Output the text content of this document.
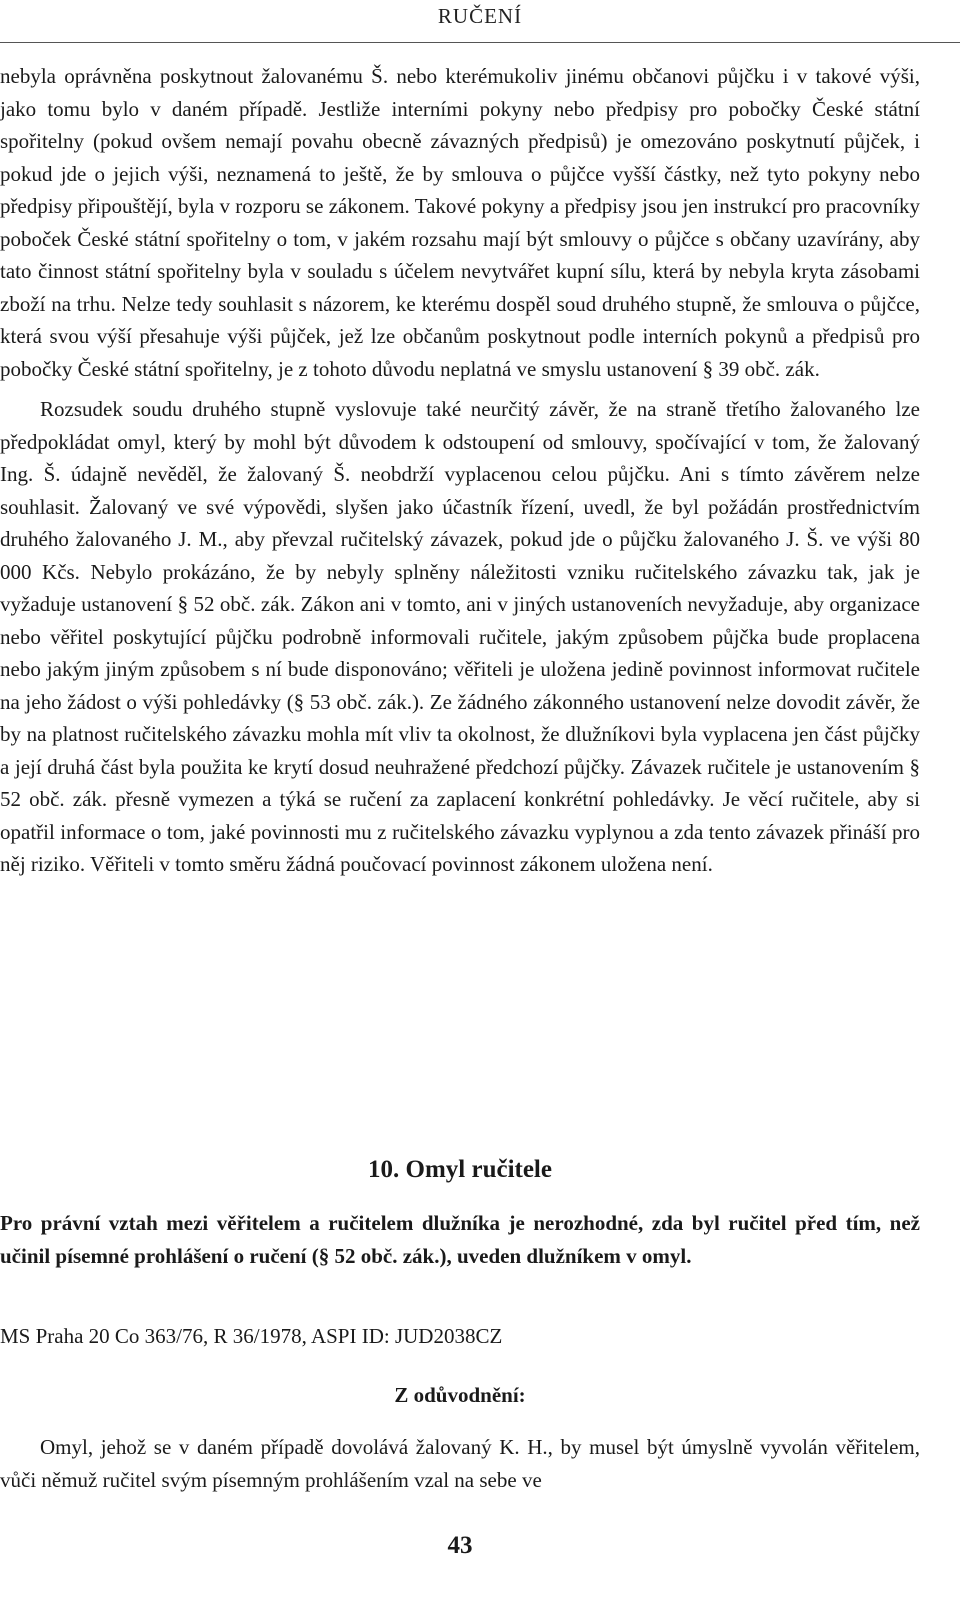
RUČENÍ

nebyla oprávněna poskytnout žalovanému Š. nebo kterémukoliv jinému občanovi půjčku i v takové výši, jako tomu bylo v daném případě. Jestliže interními pokyny nebo předpisy pro pobočky České státní spořitelny (pokud ovšem nemají povahu obecně závazných předpisů) je omezováno poskytnutí půjček, i pokud jde o jejich výši, neznamená to ještě, že by smlouva o půjčce vyšší částky, než tyto pokyny nebo předpisy připouštějí, byla v rozporu se zákonem. Takové pokyny a předpisy jsou jen instrukcí pro pracovníky poboček České státní spořitelny o tom, v jakém rozsahu mají být smlouvy o půjčce s občany uzavírány, aby tato činnost státní spořitelny byla v souladu s účelem nevytvářet kupní sílu, která by nebyla kryta zásobami zboží na trhu. Nelze tedy souhlasit s názorem, ke kterému dospěl soud druhého stupně, že smlouva o půjčce, která svou výší přesahuje výši půjček, jež lze občanům poskytnout podle interních pokynů a předpisů pro pobočky České státní spořitelny, je z tohoto důvodu neplatná ve smyslu ustanovení § 39 obč. zák.

Rozsudek soudu druhého stupně vyslovuje také neurčitý závěr, že na straně třetího žalovaného lze předpokládat omyl, který by mohl být důvodem k odstoupení od smlouvy, spočívající v tom, že žalovaný Ing. Š. údajně nevěděl, že žalovaný Š. neobdrží vyplacenou celou půjčku. Ani s tímto závěrem nelze souhlasit. Žalovaný ve své výpovědi, slyšen jako účastník řízení, uvedl, že byl požádán prostřednictvím druhého žalovaného J. M., aby převzal ručitelský závazek, pokud jde o půjčku žalovaného J. Š. ve výši 80 000 Kčs. Nebylo prokázáno, že by nebyly splněny náležitosti vzniku ručitelského závazku tak, jak je vyžaduje ustanovení § 52 obč. zák. Zákon ani v tomto, ani v jiných ustanoveních nevyžaduje, aby organizace nebo věřitel poskytující půjčku podrobně informovali ručitele, jakým způsobem půjčka bude proplacena nebo jakým jiným způsobem s ní bude disponováno; věřiteli je uložena jedině povinnost informovat ručitele na jeho žádost o výši pohledávky (§ 53 obč. zák.). Ze žádného zákonného ustanovení nelze dovodit závěr, že by na platnost ručitelského závazku mohla mít vliv ta okolnost, že dlužníkovi byla vyplacena jen část půjčky a její druhá část byla použita ke krytí dosud neuhražené předchozí půjčky. Závazek ručitele je ustanovením § 52 obč. zák. přesně vymezen a týká se ručení za zaplacení konkrétní pohledávky. Je věcí ručitele, aby si opatřil informace o tom, jaké povinnosti mu z ručitelského závazku vyplynou a zda tento závazek přináší pro něj riziko. Věřiteli v tomto směru žádná poučovací povinnost zákonem uložena není.

10. Omyl ručitele

Pro právní vztah mezi věřitelem a ručitelem dlužníka je nerozhodné, zda byl ručitel před tím, než učinil písemné prohlášení o ručení (§ 52 obč. zák.), uveden dlužníkem v omyl.

MS Praha 20 Co 363/76, R 36/1978, ASPI ID: JUD2038CZ

Z odůvodnění:

Omyl, jehož se v daném případě dovolává žalovaný K. H., by musel být úmyslně vyvolán věřitelem, vůči němuž ručitel svým písemným prohlášením vzal na sebe ve

43
